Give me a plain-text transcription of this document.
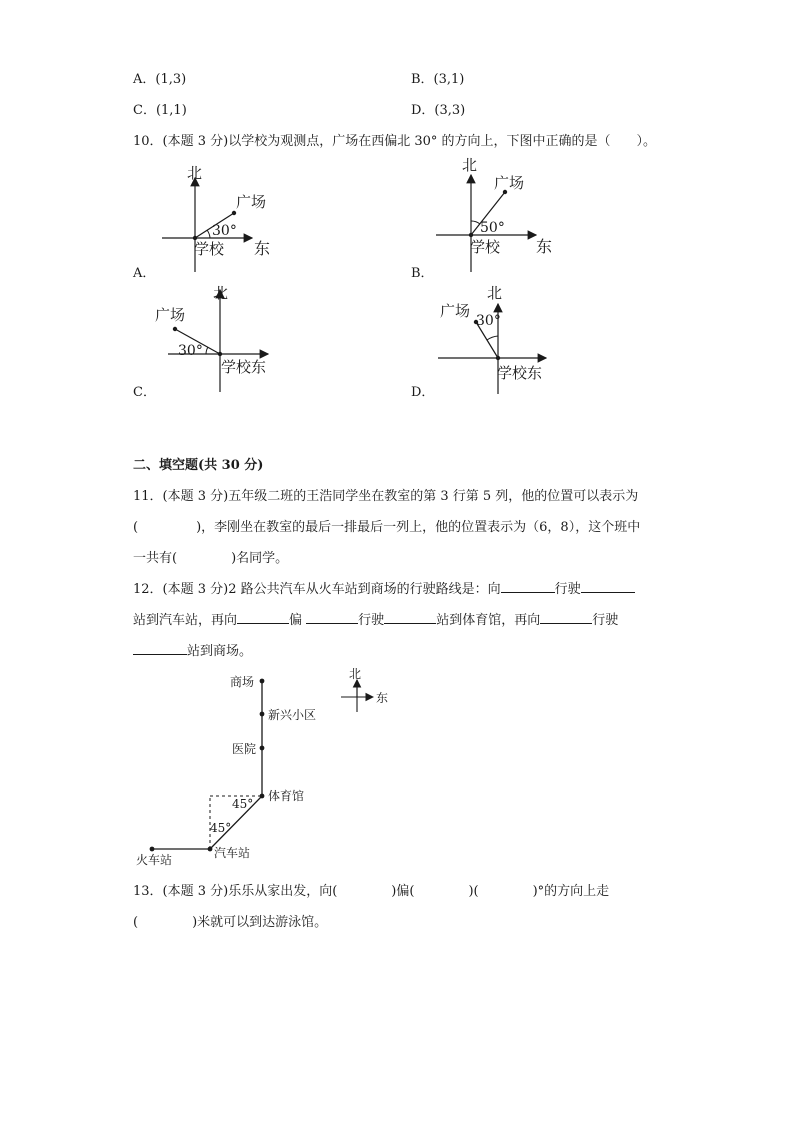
A．(1,3)	B．(3,1)
C．(1,1)	D．(3,3)
10．(本题 3 分)以学校为观测点，广场在西偏北 30° 的方向上，下图中正确的是（　　）。
北
广场
30°
学校 东
A．
北
广场
50°
学校 东
B．
北
广场
30°
学校东
C．
北
广场
30°
学校东
D．
二、填空题(共 30 分)
11．(本题 3 分)五年级二班的王浩同学坐在教室的第 3 行第 5 列，他的位置可以表示为
(	)，李刚坐在教室的最后一排最后一列上，他的位置表示为（6，8），这个班中
一共有(	)名同学。
12．(本题 3 分)2 路公共汽车从火车站到商场的行驶路线是：向	行驶
站到汽车站，再向	偏	行驶	站到体育馆，再向	行驶
站到商场。
北
东
商场
新兴小区
医院
体育馆
汽车站
火车站
45°
45°
13．(本题 3 分)乐乐从家出发，向(	)偏(	)(	)°的方向上走
(	)米就可以到达游泳馆。
